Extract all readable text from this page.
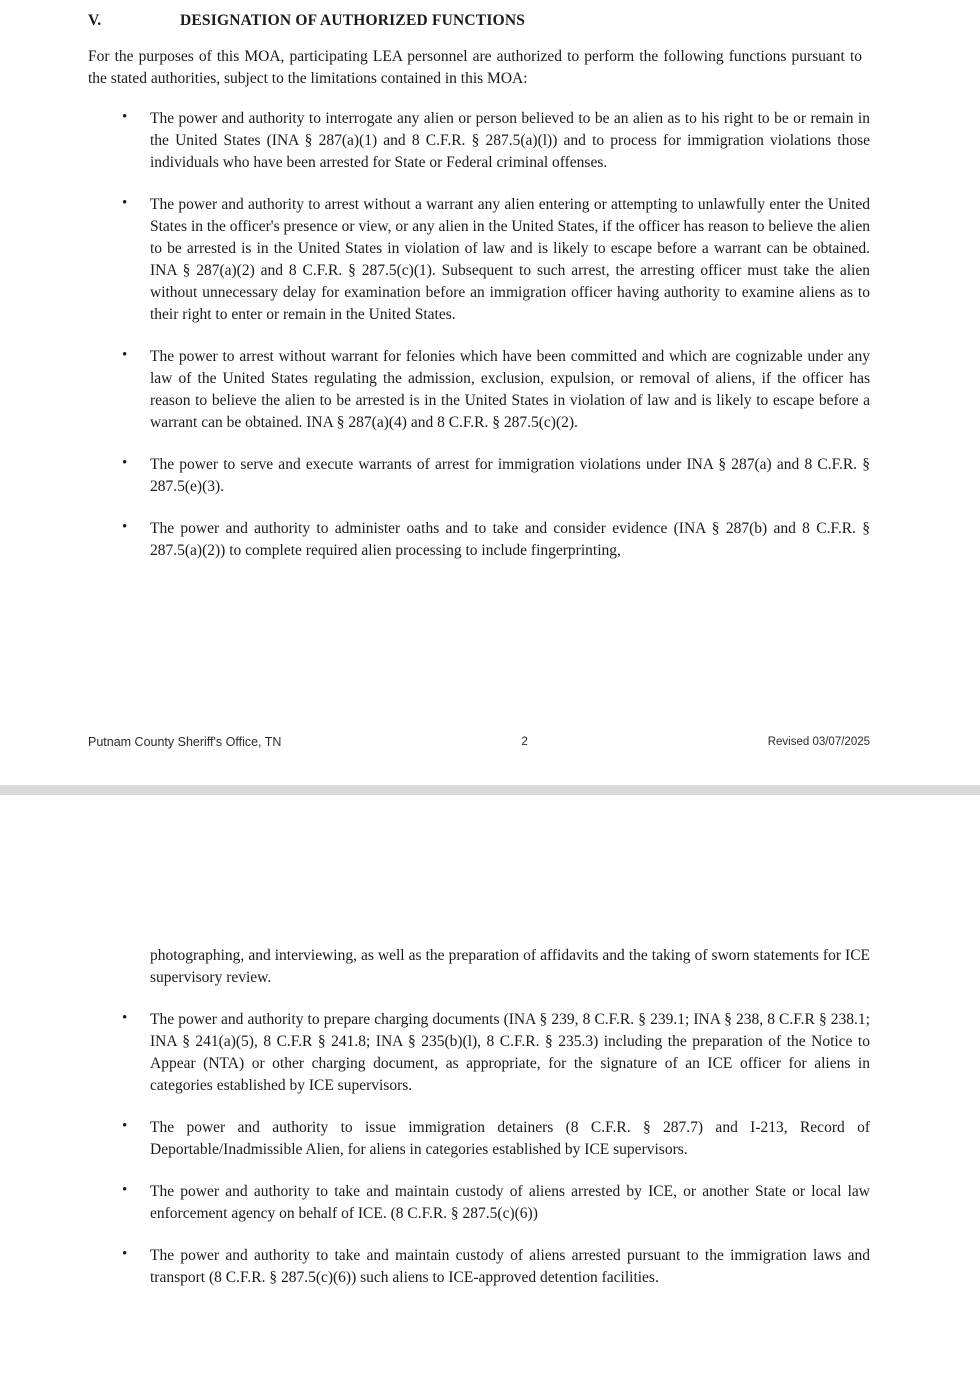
V.	DESIGNATION OF AUTHORIZED FUNCTIONS

For the purposes of this MOA, participating LEA personnel are authorized to perform the following functions pursuant to the stated authorities, subject to the limitations contained in this MOA:

• The power and authority to interrogate any alien or person believed to be an alien as to his right to be or remain in the United States (INA § 287(a)(1) and 8 C.F.R. § 287.5(a)(l)) and to process for immigration violations those individuals who have been arrested for State or Federal criminal offenses.
• The power and authority to arrest without a warrant any alien entering or attempting to unlawfully enter the United States in the officer's presence or view, or any alien in the United States, if the officer has reason to believe the alien to be arrested is in the United States in violation of law and is likely to escape before a warrant can be obtained. INA § 287(a)(2) and 8 C.F.R. § 287.5(c)(1). Subsequent to such arrest, the arresting officer must take the alien without unnecessary delay for examination before an immigration officer having authority to examine aliens as to their right to enter or remain in the United States.
• The power to arrest without warrant for felonies which have been committed and which are cognizable under any law of the United States regulating the admission, exclusion, expulsion, or removal of aliens, if the officer has reason to believe the alien to be arrested is in the United States in violation of law and is likely to escape before a warrant can be obtained. INA § 287(a)(4) and 8 C.F.R. § 287.5(c)(2).
• The power to serve and execute warrants of arrest for immigration violations under INA § 287(a) and 8 C.F.R. § 287.5(e)(3).
• The power and authority to administer oaths and to take and consider evidence (INA § 287(b) and 8 C.F.R. § 287.5(a)(2)) to complete required alien processing to include fingerprinting,
Putnam County Sheriff's Office, TN	2	Revised 03/07/2025

photographing, and interviewing, as well as the preparation of affidavits and the taking of sworn statements for ICE supervisory review.

• The power and authority to prepare charging documents (INA § 239, 8 C.F.R. § 239.1; INA § 238, 8 C.F.R § 238.1; INA § 241(a)(5), 8 C.F.R § 241.8; INA § 235(b)(l), 8 C.F.R. § 235.3) including the preparation of the Notice to Appear (NTA) or other charging document, as appropriate, for the signature of an ICE officer for aliens in categories established by ICE supervisors.
• The power and authority to issue immigration detainers (8 C.F.R. § 287.7) and I-213, Record of Deportable/Inadmissible Alien, for aliens in categories established by ICE supervisors.
• The power and authority to take and maintain custody of aliens arrested by ICE, or another State or local law enforcement agency on behalf of ICE. (8 C.F.R. § 287.5(c)(6))
• The power and authority to take and maintain custody of aliens arrested pursuant to the immigration laws and transport (8 C.F.R. § 287.5(c)(6)) such aliens to ICE-approved detention facilities.
